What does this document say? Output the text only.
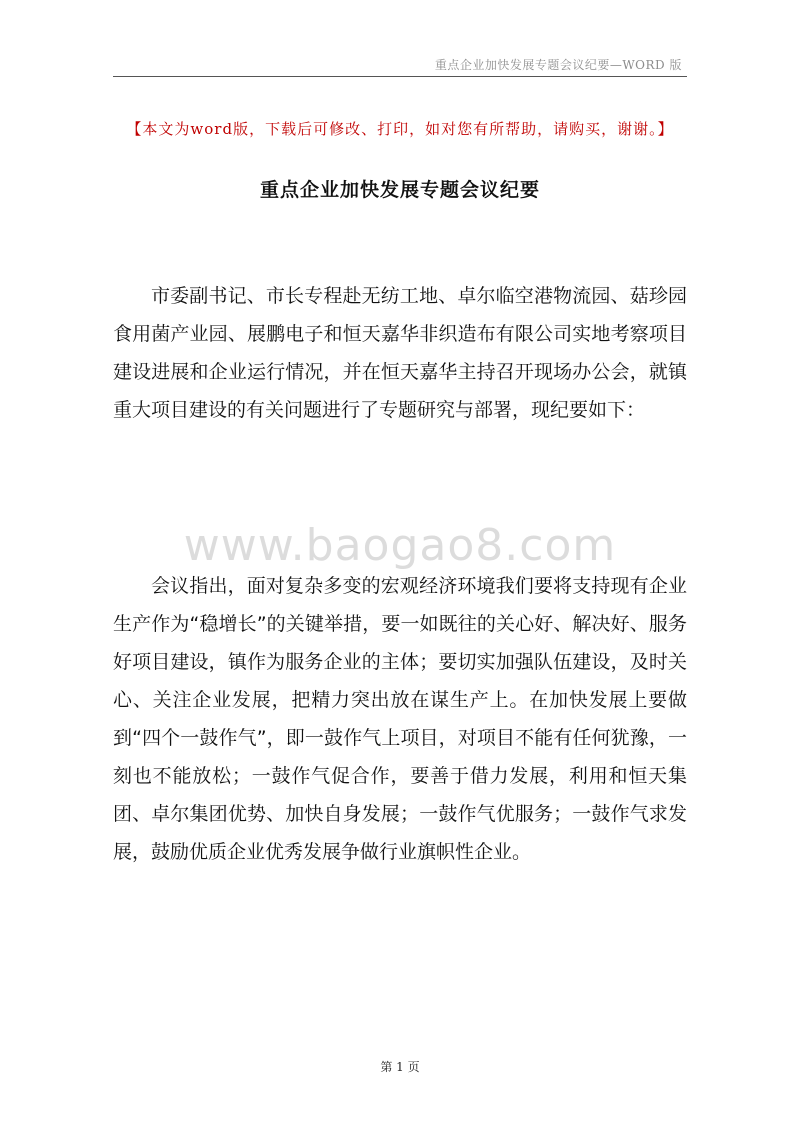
重点企业加快发展专题会议纪要—WORD 版
【本文为word版，下载后可修改、打印，如对您有所帮助，请购买，谢谢。】
重点企业加快发展专题会议纪要

市委副书记、市长专程赴无纺工地、卓尔临空港物流园、菇珍园食用菌产业园、展鹏电子和恒天嘉华非织造布有限公司实地考察项目建设进展和企业运行情况，并在恒天嘉华主持召开现场办公会，就镇重大项目建设的有关问题进行了专题研究与部署，现纪要如下：

www.baogao8.com

会议指出，面对复杂多变的宏观经济环境我们要将支持现有企业生产作为“稳增长”的关键举措，要一如既往的关心好、解决好、服务好项目建设，镇作为服务企业的主体；要切实加强队伍建设，及时关心、关注企业发展，把精力突出放在谋生产上。在加快发展上要做到“四个一鼓作气”，即一鼓作气上项目，对项目不能有任何犹豫，一刻也不能放松；一鼓作气促合作，要善于借力发展，利用和恒天集团、卓尔集团优势、加快自身发展；一鼓作气优服务；一鼓作气求发展，鼓励优质企业优秀发展争做行业旗帜性企业。

第 1 页
